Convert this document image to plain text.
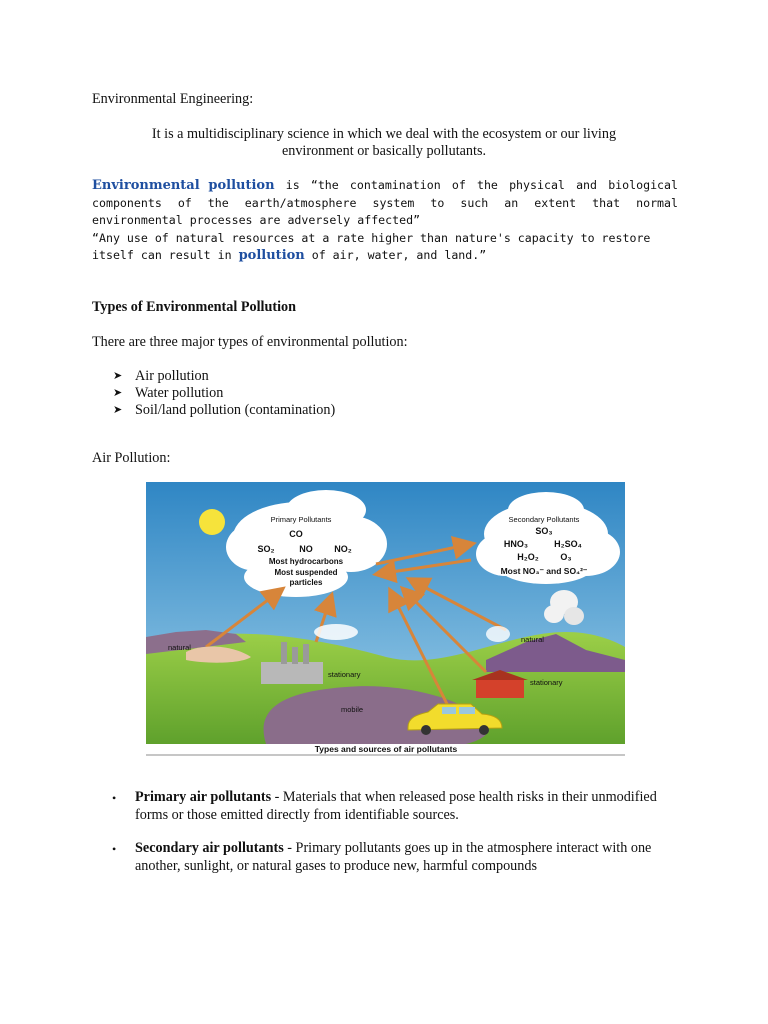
Environmental Engineering:
It is a multidisciplinary science in which we deal with the ecosystem or our living
environment or basically pollutants.
Environmental pollution is “the contamination of the physical and biological components of the earth/atmosphere system to such an extent that normal environmental processes are adversely affected”
“Any use of natural resources at a rate higher than nature's capacity to restore itself can result in pollution of air, water, and land.”
Types of Environmental Pollution
There are three major types of environmental pollution:
➤ Air pollution
➤ Water pollution
➤ Soil/land pollution (contamination)
Air Pollution:
Primary Pollutants
CO
SO₂	NO NO₂
Most hydrocarbons
Most suspended
particles
Secondary Pollutants
SO₃
HNO₃	H₂SO₄
H₂O₂ O₃
Most NO₃⁻ and SO₄²⁻
natural
stationary
mobile
natural
stationary
Types and sources of air pollutants
•	Primary air pollutants - Materials that when released pose health risks in their unmodified forms or those emitted directly from identifiable sources.
•	Secondary air pollutants - Primary pollutants goes up in the atmosphere interact with one another, sunlight, or natural gases to produce new, harmful compounds
